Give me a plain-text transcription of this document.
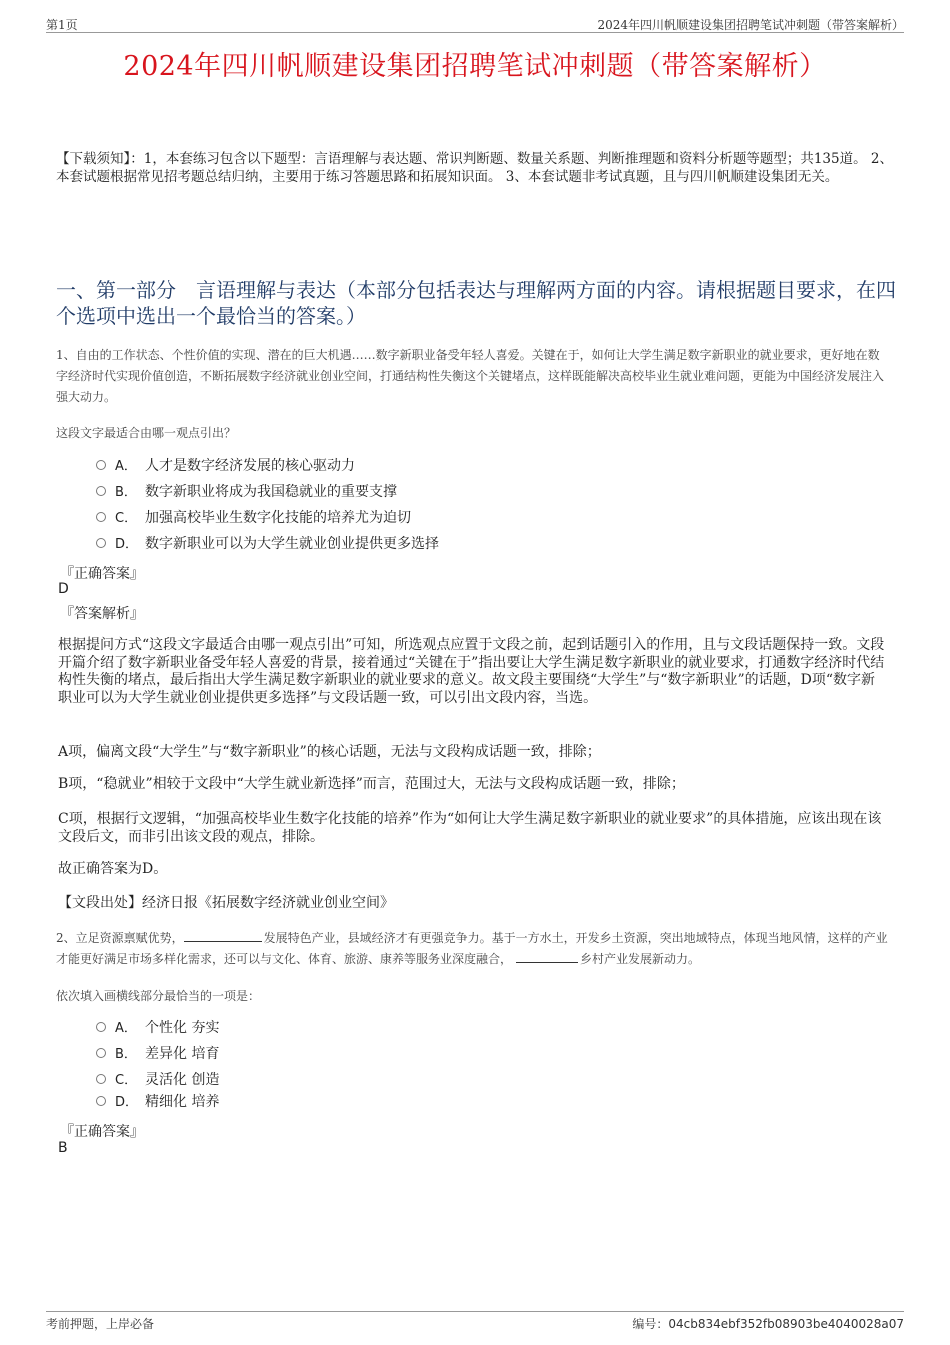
第1页	2024年四川帆顺建设集团招聘笔试冲刺题（带答案解析）
2024年四川帆顺建设集团招聘笔试冲刺题（带答案解析）
【下载须知】：1，本套练习包含以下题型：言语理解与表达题、常识判断题、数量关系题、判断推理题和资料分析题等题型；共135道。 2、本套试题根据常见招考题总结归纳，主要用于练习答题思路和拓展知识面。 3、本套试题非考试真题，且与四川帆顺建设集团无关。
一、第一部分　言语理解与表达（本部分包括表达与理解两方面的内容。请根据题目要求，在四个选项中选出一个最恰当的答案。）
1、自由的工作状态、个性价值的实现、潜在的巨大机遇……数字新职业备受年轻人喜爱。关键在于，如何让大学生满足数字新职业的就业要求，更好地在数字经济时代实现价值创造，不断拓展数字经济就业创业空间，打通结构性失衡这个关键堵点，这样既能解决高校毕业生就业难问题，更能为中国经济发展注入强大动力。
这段文字最适合由哪一观点引出？
A． 人才是数字经济发展的核心驱动力
B． 数字新职业将成为我国稳就业的重要支撑
C． 加强高校毕业生数字化技能的培养尤为迫切
D． 数字新职业可以为大学生就业创业提供更多选择
『正确答案』
D
『答案解析』
根据提问方式“这段文字最适合由哪一观点引出”可知，所选观点应置于文段之前，起到话题引入的作用，且与文段话题保持一致。文段开篇介绍了数字新职业备受年轻人喜爱的背景，接着通过“关键在于”指出要让大学生满足数字新职业的就业要求，打通数字经济时代结构性失衡的堵点，最后指出大学生满足数字新职业的就业要求的意义。故文段主要围绕“大学生”与“数字新职业”的话题，D项“数字新职业可以为大学生就业创业提供更多选择”与文段话题一致，可以引出文段内容，当选。
A项，偏离文段“大学生”与“数字新职业”的核心话题，无法与文段构成话题一致，排除；
B项，“稳就业”相较于文段中“大学生就业新选择”而言，范围过大，无法与文段构成话题一致，排除；
C项，根据行文逻辑，“加强高校毕业生数字化技能的培养”作为“如何让大学生满足数字新职业的就业要求”的具体措施，应该出现在该文段后文，而非引出该文段的观点，排除。
故正确答案为D。
【文段出处】经济日报《拓展数字经济就业创业空间》
2、立足资源禀赋优势，	发展特色产业，县域经济才有更强竞争力。基于一方水土，开发乡土资源，突出地域特点，体现当地风情，这样的产业才能更好满足市场多样化需求，还可以与文化、体育、旅游、康养等服务业深度融合，	乡村产业发展新动力。
依次填入画横线部分最恰当的一项是：
A． 个性化 夯实
B． 差异化 培育
C． 灵活化 创造
D． 精细化 培养
『正确答案』
B
考前押题，上岸必备	编号：04cb834ebf352fb08903be4040028a07
